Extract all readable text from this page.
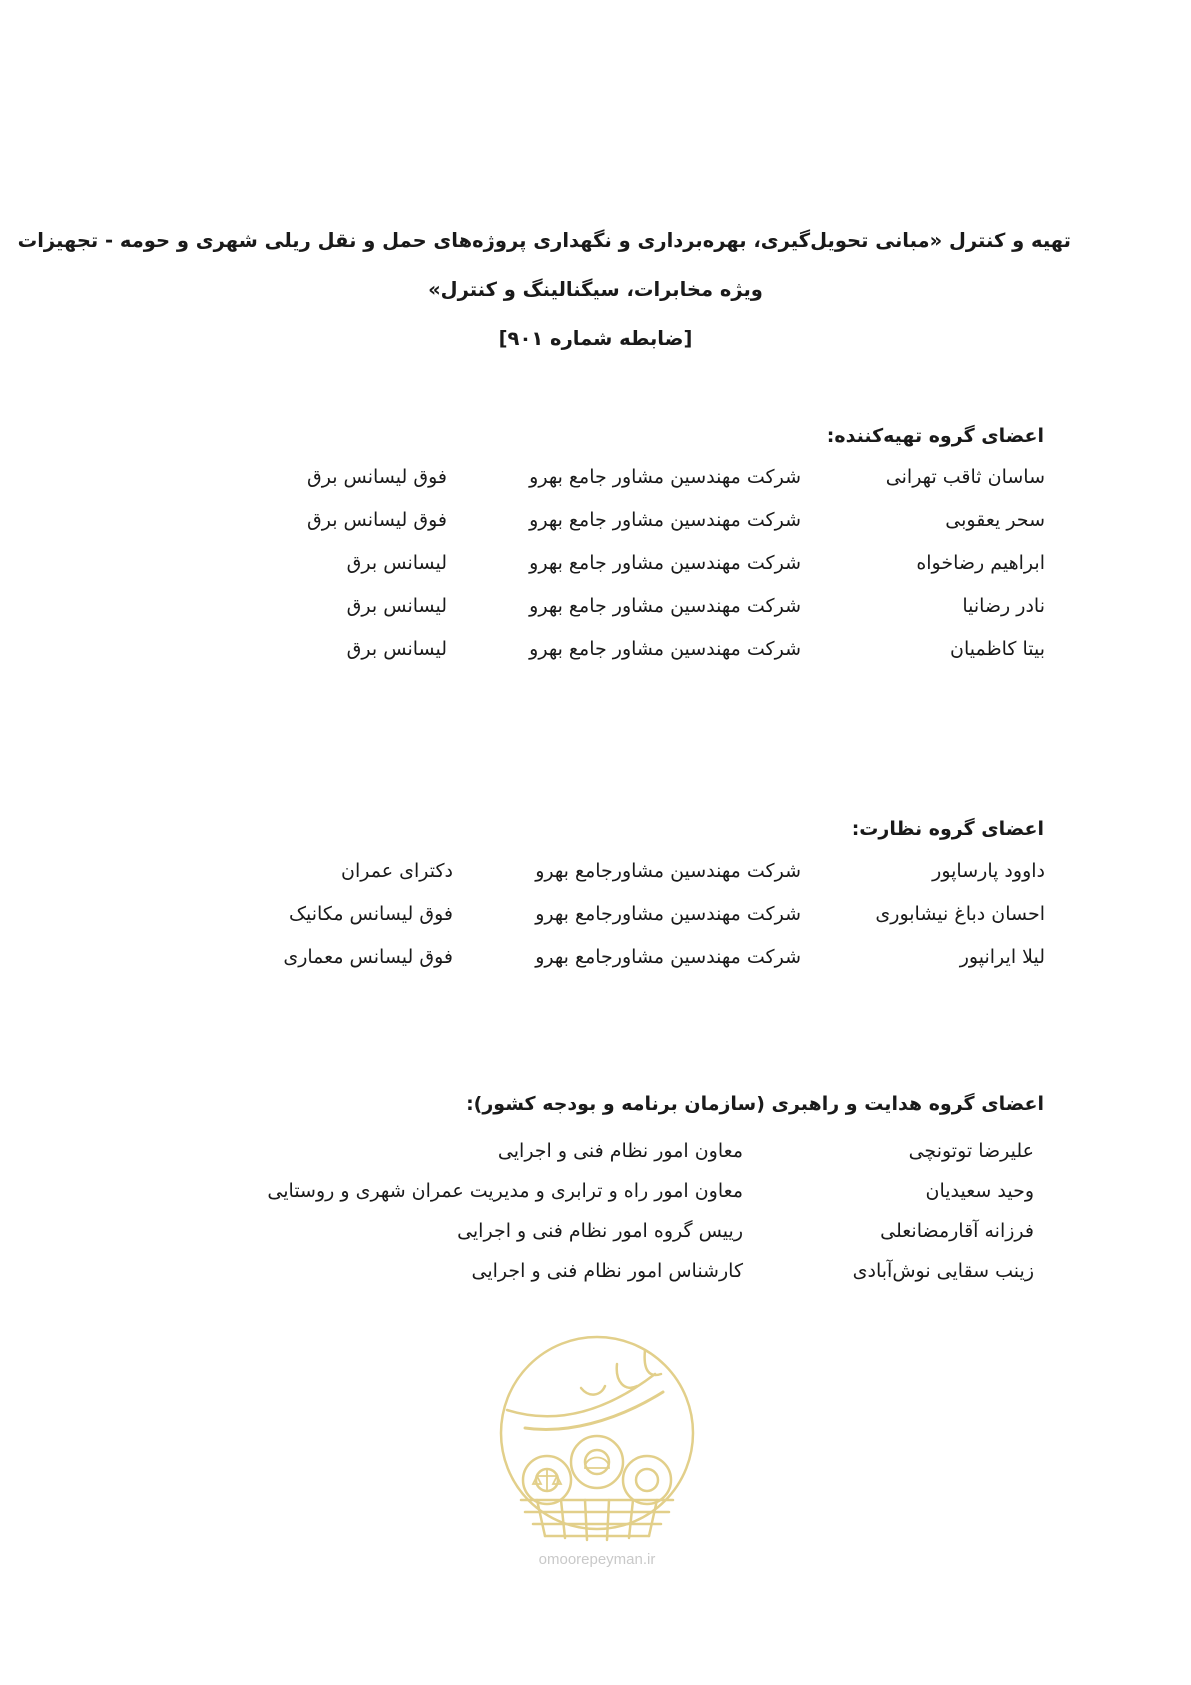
تهیه و کنترل «مبانی تحویل‌گیری، بهره‌برداری و نگهداری پروژه‌های حمل و نقل ریلی شهری و حومه - تجهیزات
ویژه مخابرات، سیگنالینگ و کنترل»
[ضابطه شماره ۹۰۱]
اعضای گروه تهیه‌کننده:
ساسان ثاقب تهرانی
شرکت مهندسین مشاور جامع بهرو
فوق لیسانس برق
سحر یعقوبی
شرکت مهندسین مشاور جامع بهرو
فوق لیسانس برق
ابراهیم رضاخواه
شرکت مهندسین مشاور جامع بهرو
لیسانس برق
نادر رضانیا
شرکت مهندسین مشاور جامع بهرو
لیسانس برق
بیتا کاظمیان
شرکت مهندسین مشاور جامع بهرو
لیسانس برق
اعضای گروه نظارت:
داوود پارساپور
شرکت مهندسین مشاورجامع بهرو
دکترای عمران
احسان دباغ نیشابوری
شرکت مهندسین مشاورجامع بهرو
فوق لیسانس مکانیک
لیلا ایرانپور
شرکت مهندسین مشاورجامع بهرو
فوق لیسانس معماری
اعضای گروه هدایت و راهبری (سازمان برنامه و بودجه کشور):
علیرضا توتونچی
معاون امور نظام فنی و اجرایی
وحید سعیدیان
معاون امور راه و ترابری و مدیریت عمران شهری و روستایی
فرزانه آقارمضانعلی
رییس گروه امور نظام فنی و اجرایی
زینب سقایی نوش‌آبادی
کارشناس امور نظام فنی و اجرایی
omoorepeyman.ir
